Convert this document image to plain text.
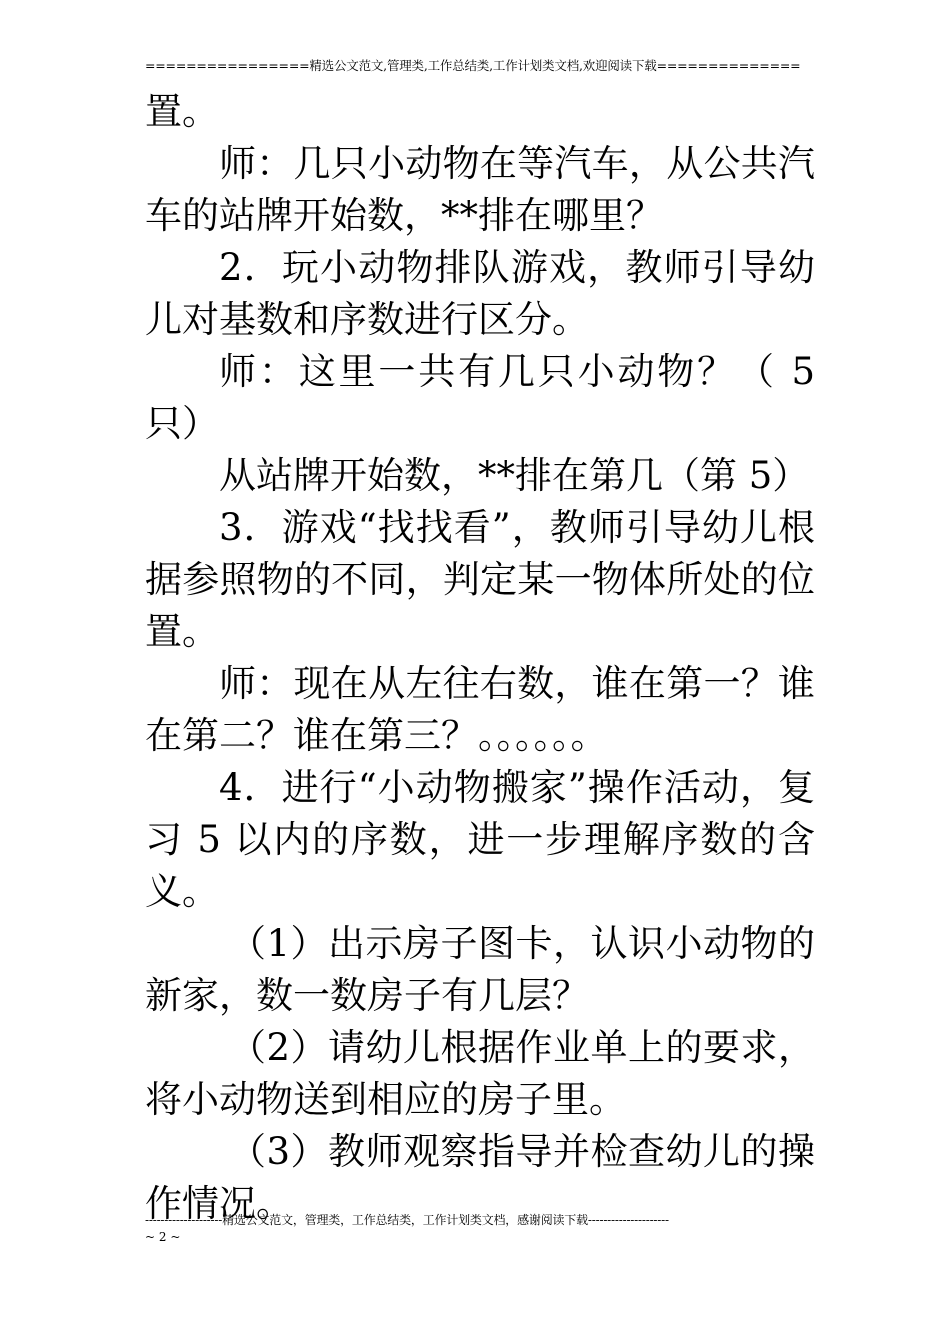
================精选公文范文,管理类,工作总结类,工作计划类文档,欢迎阅读下载==============

置。

师：几只小动物在等汽车，从公共汽车的站牌开始数，**排在哪里？

2．玩小动物排队游戏，教师引导幼儿对基数和序数进行区分。

师：这里一共有几只小动物？（ 5只）

从站牌开始数，**排在第几（第 5）

3．游戏“找找看”，教师引导幼儿根据参照物的不同，判定某一物体所处的位置。

师：现在从左往右数，谁在第一？谁在第二？谁在第三？。。。。。。

4．进行“小动物搬家”操作活动，复习 5 以内的序数，进一步理解序数的含义。

（1）出示房子图卡，认识小动物的新家，数一数房子有几层？

（2）请幼儿根据作业单上的要求，将小动物送到相应的房子里。

（3）教师观察指导并检查幼儿的操作情况。

--------------------精选公文范文，管理类，工作总结类，工作计划类文档，感谢阅读下载---------------------
~ 2 ~
